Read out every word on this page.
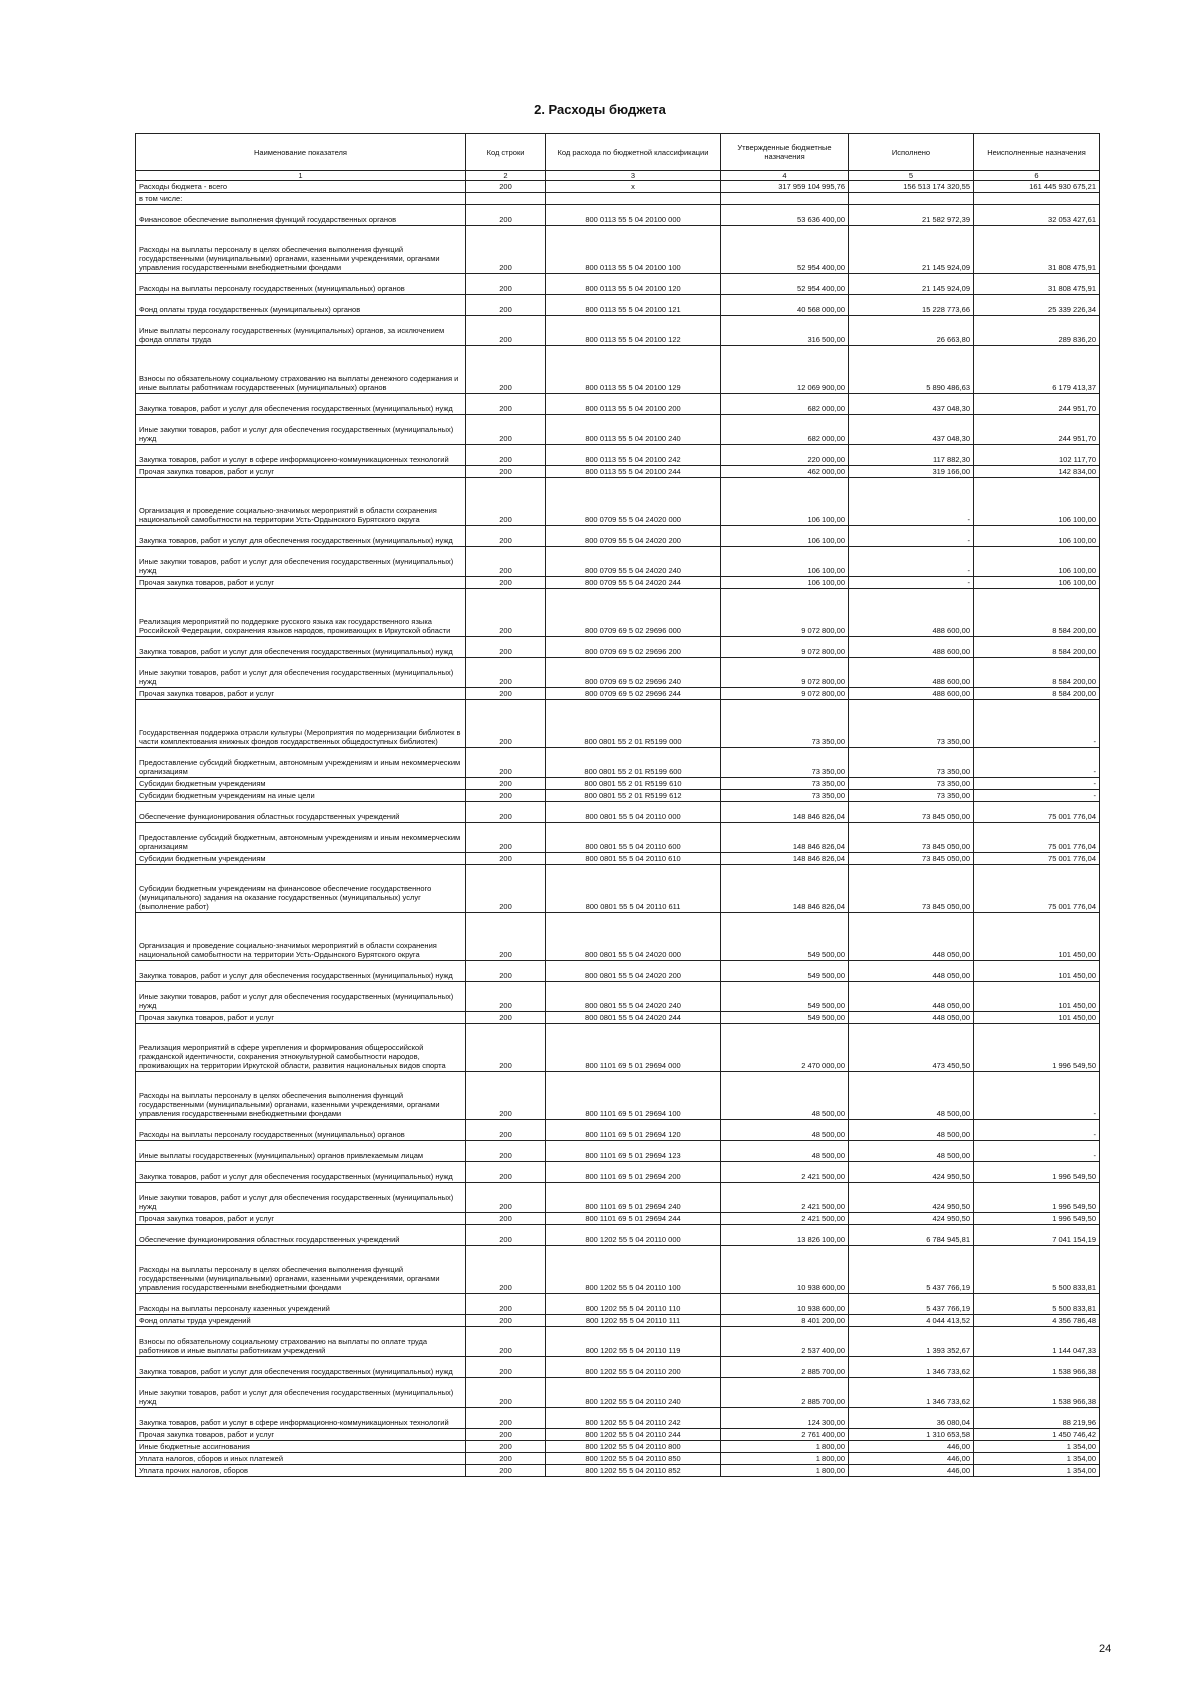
2. Расходы бюджета
Наименование показателя	Код строки	Код расхода по бюджетной классификации	Утвержденные бюджетные назначения	Исполнено	Неисполненные назначения
1	2	3	4	5	6
Расходы бюджета - всего	200	x	317 959 104 995,76	156 513 174 320,55	161 445 930 675,21
в том числе:					
Финансовое обеспечение выполнения функций государственных органов	200	800 0113 55 5 04 20100 000	53 636 400,00	21 582 972,39	32 053 427,61
Расходы на выплаты персоналу в целях обеспечения выполнения функций государственными (муниципальными) органами, казенными учреждениями, органами управления государственными внебюджетными фондами	200	800 0113 55 5 04 20100 100	52 954 400,00	21 145 924,09	31 808 475,91
Расходы на выплаты персоналу государственных (муниципальных) органов	200	800 0113 55 5 04 20100 120	52 954 400,00	21 145 924,09	31 808 475,91
Фонд оплаты труда государственных (муниципальных) органов	200	800 0113 55 5 04 20100 121	40 568 000,00	15 228 773,66	25 339 226,34
Иные выплаты персоналу государственных (муниципальных) органов, за исключением фонда оплаты труда	200	800 0113 55 5 04 20100 122	316 500,00	26 663,80	289 836,20
Взносы по обязательному социальному страхованию на выплаты денежного содержания и иные выплаты работникам государственных (муниципальных) органов	200	800 0113 55 5 04 20100 129	12 069 900,00	5 890 486,63	6 179 413,37
Закупка товаров, работ и услуг для обеспечения государственных (муниципальных) нужд	200	800 0113 55 5 04 20100 200	682 000,00	437 048,30	244 951,70
Иные закупки товаров, работ и услуг для обеспечения государственных (муниципальных) нужд	200	800 0113 55 5 04 20100 240	682 000,00	437 048,30	244 951,70
Закупка товаров, работ и услуг в сфере информационно-коммуникационных технологий	200	800 0113 55 5 04 20100 242	220 000,00	117 882,30	102 117,70
Прочая закупка товаров, работ и услуг	200	800 0113 55 5 04 20100 244	462 000,00	319 166,00	142 834,00
Организация и проведение социально-значимых мероприятий в области сохранения национальной самобытности на территории Усть-Ордынского Бурятского округа	200	800 0709 55 5 04 24020 000	106 100,00	-	106 100,00
Закупка товаров, работ и услуг для обеспечения государственных (муниципальных) нужд	200	800 0709 55 5 04 24020 200	106 100,00	-	106 100,00
Иные закупки товаров, работ и услуг для обеспечения государственных (муниципальных) нужд	200	800 0709 55 5 04 24020 240	106 100,00	-	106 100,00
Прочая закупка товаров, работ и услуг	200	800 0709 55 5 04 24020 244	106 100,00	-	106 100,00
Реализация мероприятий по поддержке русского языка как государственного языка Российской Федерации, сохранения языков народов, проживающих в Иркутской области	200	800 0709 69 5 02 29696 000	9 072 800,00	488 600,00	8 584 200,00
Закупка товаров, работ и услуг для обеспечения государственных (муниципальных) нужд	200	800 0709 69 5 02 29696 200	9 072 800,00	488 600,00	8 584 200,00
Иные закупки товаров, работ и услуг для обеспечения государственных (муниципальных) нужд	200	800 0709 69 5 02 29696 240	9 072 800,00	488 600,00	8 584 200,00
Прочая закупка товаров, работ и услуг	200	800 0709 69 5 02 29696 244	9 072 800,00	488 600,00	8 584 200,00
Государственная поддержка отрасли культуры (Мероприятия по модернизации библиотек в части комплектования книжных фондов государственных общедоступных библиотек)	200	800 0801 55 2 01 R5199 000	73 350,00	73 350,00	-
Предоставление субсидий бюджетным, автономным учреждениям и иным некоммерческим организациям	200	800 0801 55 2 01 R5199 600	73 350,00	73 350,00	-
Субсидии бюджетным учреждениям	200	800 0801 55 2 01 R5199 610	73 350,00	73 350,00	-
Субсидии бюджетным учреждениям на иные цели	200	800 0801 55 2 01 R5199 612	73 350,00	73 350,00	-
Обеспечение функционирования областных государственных учреждений	200	800 0801 55 5 04 20110 000	148 846 826,04	73 845 050,00	75 001 776,04
Предоставление субсидий бюджетным, автономным учреждениям и иным некоммерческим организациям	200	800 0801 55 5 04 20110 600	148 846 826,04	73 845 050,00	75 001 776,04
Субсидии бюджетным учреждениям	200	800 0801 55 5 04 20110 610	148 846 826,04	73 845 050,00	75 001 776,04
Субсидии бюджетным учреждениям на финансовое обеспечение государственного (муниципального) задания на оказание государственных (муниципальных) услуг (выполнение работ)	200	800 0801 55 5 04 20110 611	148 846 826,04	73 845 050,00	75 001 776,04
Организация и проведение социально-значимых мероприятий в области сохранения национальной самобытности на территории Усть-Ордынского Бурятского округа	200	800 0801 55 5 04 24020 000	549 500,00	448 050,00	101 450,00
Закупка товаров, работ и услуг для обеспечения государственных (муниципальных) нужд	200	800 0801 55 5 04 24020 200	549 500,00	448 050,00	101 450,00
Иные закупки товаров, работ и услуг для обеспечения государственных (муниципальных) нужд	200	800 0801 55 5 04 24020 240	549 500,00	448 050,00	101 450,00
Прочая закупка товаров, работ и услуг	200	800 0801 55 5 04 24020 244	549 500,00	448 050,00	101 450,00
Реализация мероприятий в сфере укрепления и формирования общероссийской гражданской идентичности, сохранения этнокультурной самобытности народов, проживающих на территории Иркутской области, развития национальных видов спорта	200	800 1101 69 5 01 29694 000	2 470 000,00	473 450,50	1 996 549,50
Расходы на выплаты персоналу в целях обеспечения выполнения функций государственными (муниципальными) органами, казенными учреждениями, органами управления государственными внебюджетными фондами	200	800 1101 69 5 01 29694 100	48 500,00	48 500,00	-
Расходы на выплаты персоналу государственных (муниципальных) органов	200	800 1101 69 5 01 29694 120	48 500,00	48 500,00	-
Иные выплаты государственных (муниципальных) органов привлекаемым лицам	200	800 1101 69 5 01 29694 123	48 500,00	48 500,00	-
Закупка товаров, работ и услуг для обеспечения государственных (муниципальных) нужд	200	800 1101 69 5 01 29694 200	2 421 500,00	424 950,50	1 996 549,50
Иные закупки товаров, работ и услуг для обеспечения государственных (муниципальных) нужд	200	800 1101 69 5 01 29694 240	2 421 500,00	424 950,50	1 996 549,50
Прочая закупка товаров, работ и услуг	200	800 1101 69 5 01 29694 244	2 421 500,00	424 950,50	1 996 549,50
Обеспечение функционирования областных государственных учреждений	200	800 1202 55 5 04 20110 000	13 826 100,00	6 784 945,81	7 041 154,19
Расходы на выплаты персоналу в целях обеспечения выполнения функций государственными (муниципальными) органами, казенными учреждениями, органами управления государственными внебюджетными фондами	200	800 1202 55 5 04 20110 100	10 938 600,00	5 437 766,19	5 500 833,81
Расходы на выплаты персоналу казенных учреждений	200	800 1202 55 5 04 20110 110	10 938 600,00	5 437 766,19	5 500 833,81
Фонд оплаты труда учреждений	200	800 1202 55 5 04 20110 111	8 401 200,00	4 044 413,52	4 356 786,48
Взносы по обязательному социальному страхованию на выплаты по оплате труда работников и иные выплаты работникам учреждений	200	800 1202 55 5 04 20110 119	2 537 400,00	1 393 352,67	1 144 047,33
Закупка товаров, работ и услуг для обеспечения государственных (муниципальных) нужд	200	800 1202 55 5 04 20110 200	2 885 700,00	1 346 733,62	1 538 966,38
Иные закупки товаров, работ и услуг для обеспечения государственных (муниципальных) нужд	200	800 1202 55 5 04 20110 240	2 885 700,00	1 346 733,62	1 538 966,38
Закупка товаров, работ и услуг в сфере информационно-коммуникационных технологий	200	800 1202 55 5 04 20110 242	124 300,00	36 080,04	88 219,96
Прочая закупка товаров, работ и услуг	200	800 1202 55 5 04 20110 244	2 761 400,00	1 310 653,58	1 450 746,42
Иные бюджетные ассигнования	200	800 1202 55 5 04 20110 800	1 800,00	446,00	1 354,00
Уплата налогов, сборов и иных платежей	200	800 1202 55 5 04 20110 850	1 800,00	446,00	1 354,00
Уплата прочих налогов, сборов	200	800 1202 55 5 04 20110 852	1 800,00	446,00	1 354,00
24
